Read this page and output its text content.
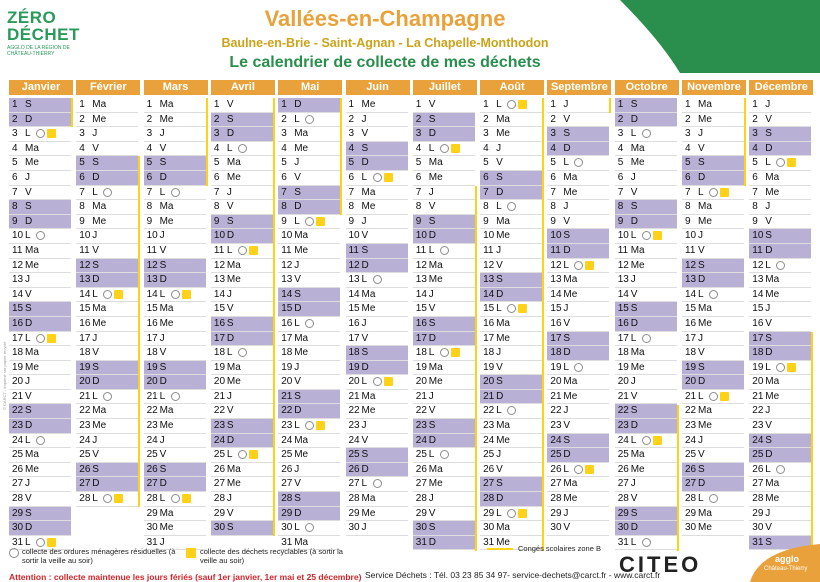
ZÉRO
DÉCHET
AGGLO DE LA RÉGION DE CHÂTEAU-THIERRY
Vallées-en-Champagne
Baulne-en-Brie - Saint-Agnan - La Chapelle-Monthodon
Le calendrier de collecte de mes déchets	2022
Janvier
1 S
2 D
3 L
4 Ma
5 Me
6 J
7 V
8 S
9 D
10 L
11 Ma
12 Me
13 J
14 V
15 S
16 D
17 L
18 Ma
19 Me
20 J
21 V
22 S
23 D
24 L
25 Ma
26 Me
27 J
28 V
29 S
30 D
31 L
Février
1 Ma
2 Me
3 J
4 V
5 S
6 D
7 L
8 Ma
9 Me
10 J
11 V
12 S
13 D
14 L
15 Ma
16 Me
17 J
18 V
19 S
20 D
21 L
22 Ma
23 Me
24 J
25 V
26 S
27 D
28 L
Mars
1 Ma
2 Me
3 J
4 V
5 S
6 D
7 L
8 Ma
9 Me
10 J
11 V
12 S
13 D
14 L
15 Ma
16 Me
17 J
18 V
19 S
20 D
21 L
22 Ma
23 Me
24 J
25 V
26 S
27 D
28 L
29 Ma
30 Me
31 J
Avril
1 V
2 S
3 D
4 L
5 Ma
6 Me
7 J
8 V
9 S
10 D
11 L
12 Ma
13 Me
14 J
15 V
16 S
17 D
18 L
19 Ma
20 Me
21 J
22 V
23 S
24 D
25 L
26 Ma
27 Me
28 J
29 V
30 S
Mai
1 D
2 L
3 Ma
4 Me
5 J
6 V
7 S
8 D
9 L
10 Ma
11 Me
12 J
13 V
14 S
15 D
16 L
17 Ma
18 Me
19 J
20 V
21 S
22 D
23 L
24 Ma
25 Me
26 J
27 V
28 S
29 D
30 L
31 Ma
Juin
1 Me
2 J
3 V
4 S
5 D
6 L
7 Ma
8 Me
9 J
10 V
11 S
12 D
13 L
14 Ma
15 Me
16 J
17 V
18 S
19 D
20 L
21 Ma
22 Me
23 J
24 V
25 S
26 D
27 L
28 Ma
29 Me
30 J
Juillet
1 V
2 S
3 D
4 L
5 Ma
6 Me
7 J
8 V
9 S
10 D
11 L
12 Ma
13 Me
14 J
15 V
16 S
17 D
18 L
19 Ma
20 Me
21 J
22 V
23 S
24 D
25 L
26 Ma
27 Me
28 J
29 V
30 S
31 D
Août
1 L
2 Ma
3 Me
4 J
5 V
6 S
7 D
8 L
9 Ma
10 Me
11 J
12 V
13 S
14 D
15 L
16 Ma
17 Me
18 J
19 V
20 S
21 D
22 L
23 Ma
24 Me
25 J
26 V
27 S
28 D
29 L
30 Ma
31 Me
Septembre
1 J
2 V
3 S
4 D
5 L
6 Ma
7 Me
8 J
9 V
10 S
11 D
12 L
13 Ma
14 Me
15 J
16 V
17 S
18 D
19 L
20 Ma
21 Me
22 J
23 V
24 S
25 D
26 L
27 Ma
28 Me
29 J
30 V
Octobre
1 S
2 D
3 L
4 Ma
5 Me
6 J
7 V
8 S
9 D
10 L
11 Ma
12 Me
13 J
14 V
15 S
16 D
17 L
18 Ma
19 Me
20 J
21 V
22 S
23 D
24 L
25 Ma
26 Me
27 J
28 V
29 S
30 D
31 L
Novembre
1 Ma
2 Me
3 J
4 V
5 S
6 D
7 L
8 Ma
9 Me
10 J
11 V
12 S
13 D
14 L
15 Ma
16 Me
17 J
18 V
19 S
20 D
21 L
22 Ma
23 Me
24 J
25 V
26 S
27 D
28 L
29 Ma
30 Me
Décembre
1 J
2 V
3 S
4 D
5 L
6 Ma
7 Me
8 J
9 V
10 S
11 D
12 L
13 Ma
14 Me
15 J
16 V
17 S
18 D
19 L
20 Ma
21 Me
22 J
23 V
24 S
25 D
26 L
27 Ma
28 Me
29 J
30 V
31 S
collecte des ordures ménagères résiduelles (à sortir la veille au soir)
collecte des déchets recyclables (à sortir la veille au soir)
Congés scolaires zone B
Attention : collecte maintenue les jours fériés (sauf 1er janvier, 1er mai et 25 décembre) Service Déchets : Tél. 03 23 85 34 97- service-dechets@carct.fr - www.carct.fr
CITEO	agglo
Château-Thierry
© CARCT - Imprimé sur papier recyclé
